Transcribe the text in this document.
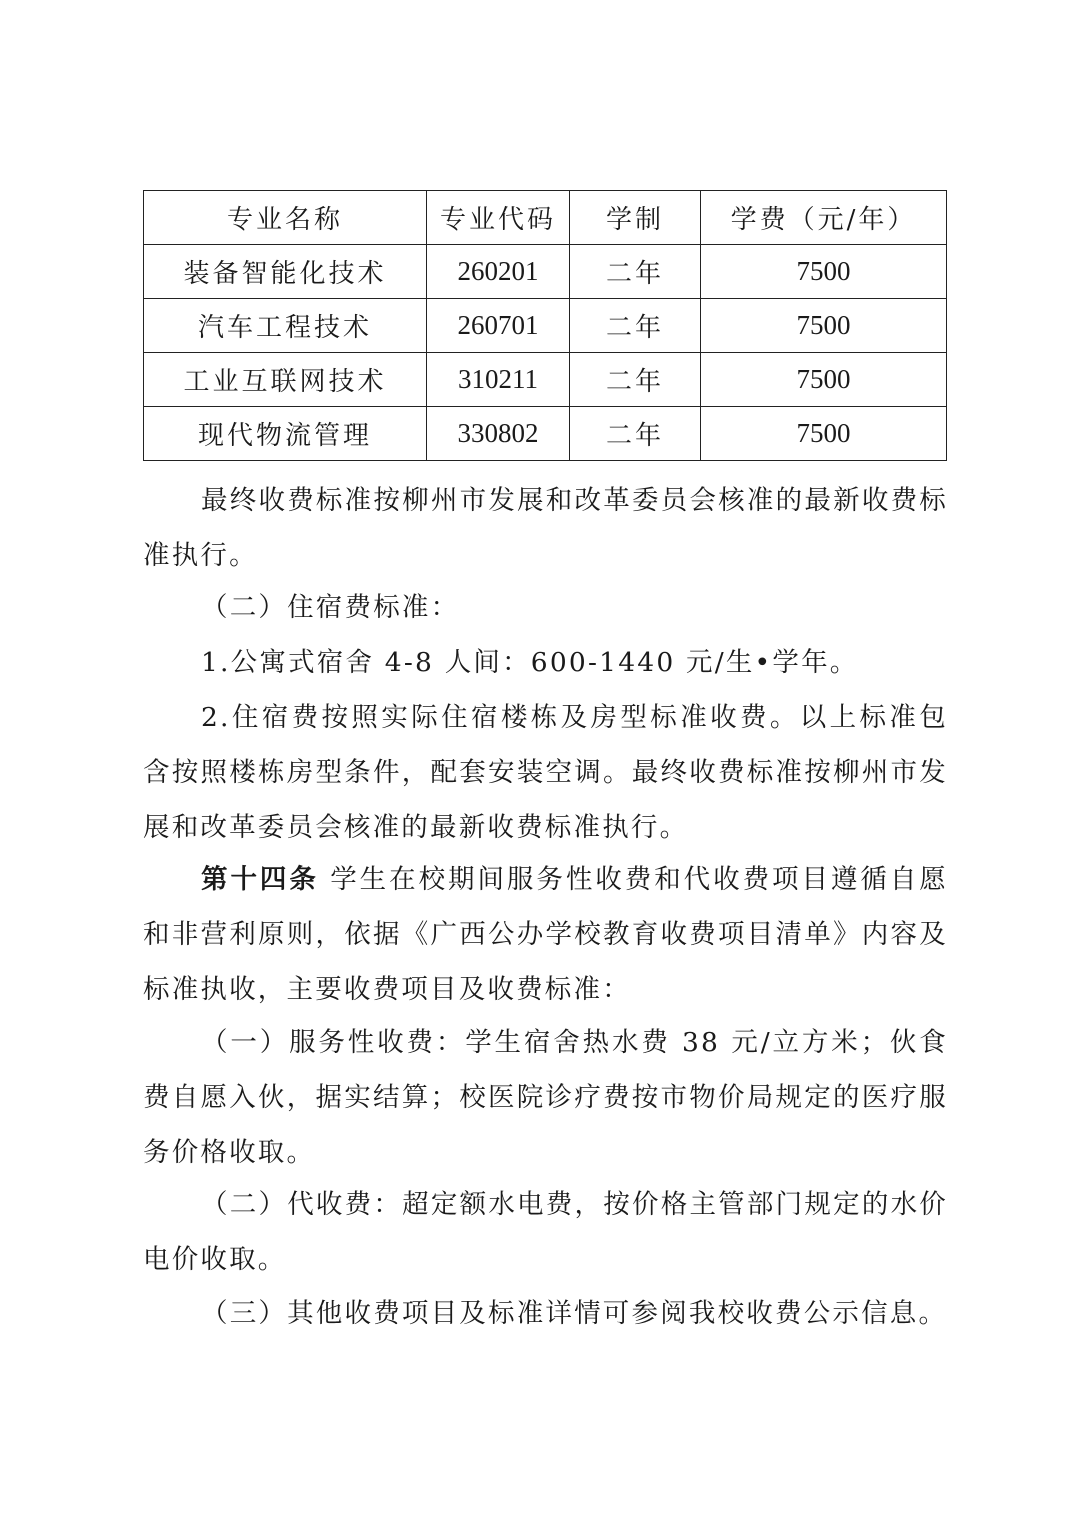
专业名称	专业代码	学制	学费（元/年）
装备智能化技术	260201	二年	7500
汽车工程技术	260701	二年	7500
工业互联网技术	310211	二年	7500
现代物流管理	330802	二年	7500

最终收费标准按柳州市发展和改革委员会核准的最新收费标准执行。

（二）住宿费标准：

1.公寓式宿舍 4-8 人间：600-1440 元/生•学年。

2.住宿费按照实际住宿楼栋及房型标准收费。以上标准包含按照楼栋房型条件，配套安装空调。最终收费标准按柳州市发展和改革委员会核准的最新收费标准执行。

第十四条 学生在校期间服务性收费和代收费项目遵循自愿和非营利原则，依据《广西公办学校教育收费项目清单》内容及标准执收，主要收费项目及收费标准：

（一）服务性收费：学生宿舍热水费 38 元/立方米；伙食费自愿入伙，据实结算；校医院诊疗费按市物价局规定的医疗服务价格收取。

（二）代收费：超定额水电费，按价格主管部门规定的水价电价收取。

（三）其他收费项目及标准详情可参阅我校收费公示信息。
